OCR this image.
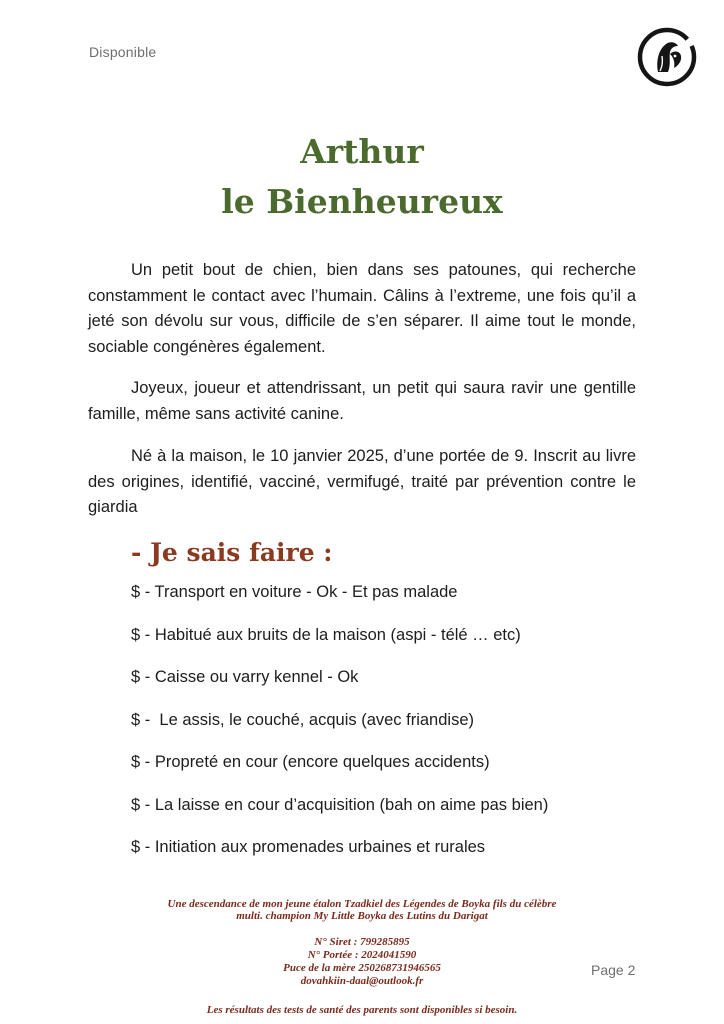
Disponible
Arthur
le Bienheureux

Un petit bout de chien, bien dans ses patounes, qui recherche constamment le contact avec l’humain. Câlins à l’extreme, une fois qu’il a jeté son dévolu sur vous, difficile de s’en séparer. Il aime tout le monde, sociable congénères également.

Joyeux, joueur et attendrissant, un petit qui saura ravir une gentille famille, même sans activité canine.

Né à la maison, le 10 janvier 2025, d’une portée de 9. Inscrit au livre des origines, identifié, vacciné, vermifugé, traité par prévention contre le giardia

- Je sais faire :
$ - Transport en voiture - Ok - Et pas malade
$ - Habitué aux bruits de la maison (aspi - télé … etc)
$ - Caisse ou varry kennel - Ok
$ -  Le assis, le couché, acquis (avec friandise)
$ - Propreté en cour (encore quelques accidents)
$ - La laisse en cour d’acquisition (bah on aime pas bien)
$ - Initiation aux promenades urbaines et rurales
Une descendance de mon jeune étalon Tzadkiel des Légendes de Boyka fils du célèbre
multi. champion My Little Boyka des Lutins du Darigat
N° Siret : 799285895
N° Portée : 2024041590
Puce de la mère 250268731946565
dovahkiin-daal@outlook.fr
Les résultats des tests de santé des parents sont disponibles si besoin.
Page 2
